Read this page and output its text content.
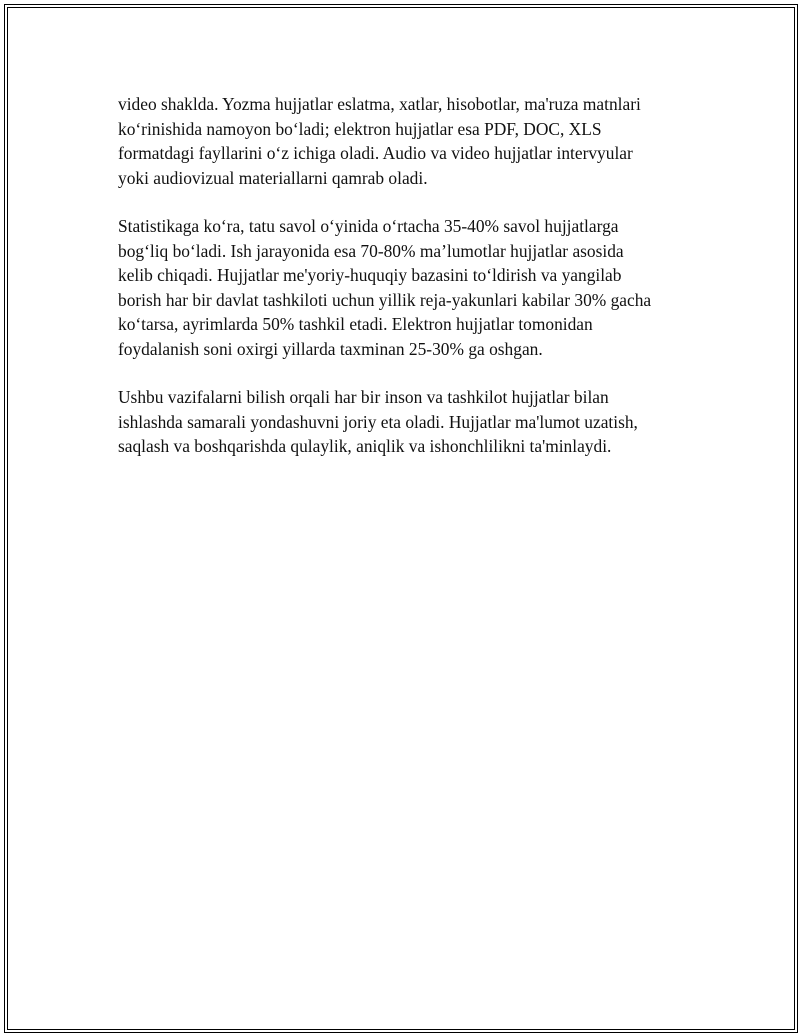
video shaklda. Yozma hujjatlar eslatma, xatlar, hisobotlar, ma'ruza matnlari
ko‘rinishida namoyon bo‘ladi; elektron hujjatlar esa PDF, DOC, XLS
formatdagi fayllarini o‘z ichiga oladi. Audio va video hujjatlar intervyular
yoki audiovizual materiallarni qamrab oladi.

Statistikaga ko‘ra, tatu savol o‘yinida o‘rtacha 35-40% savol hujjatlarga
bog‘liq bo‘ladi. Ish jarayonida esa 70-80% ma’lumotlar hujjatlar asosida
kelib chiqadi. Hujjatlar me'yoriy-huquqiy bazasini to‘ldirish va yangilab
borish har bir davlat tashkiloti uchun yillik reja-yakunlari kabilar 30% gacha
ko‘tarsa, ayrimlarda 50% tashkil etadi. Elektron hujjatlar tomonidan
foydalanish soni oxirgi yillarda taxminan 25-30% ga oshgan.

Ushbu vazifalarni bilish orqali har bir inson va tashkilot hujjatlar bilan
ishlashda samarali yondashuvni joriy eta oladi. Hujjatlar ma'lumot uzatish,
saqlash va boshqarishda qulaylik, aniqlik va ishonchlilikni ta'minlaydi.
